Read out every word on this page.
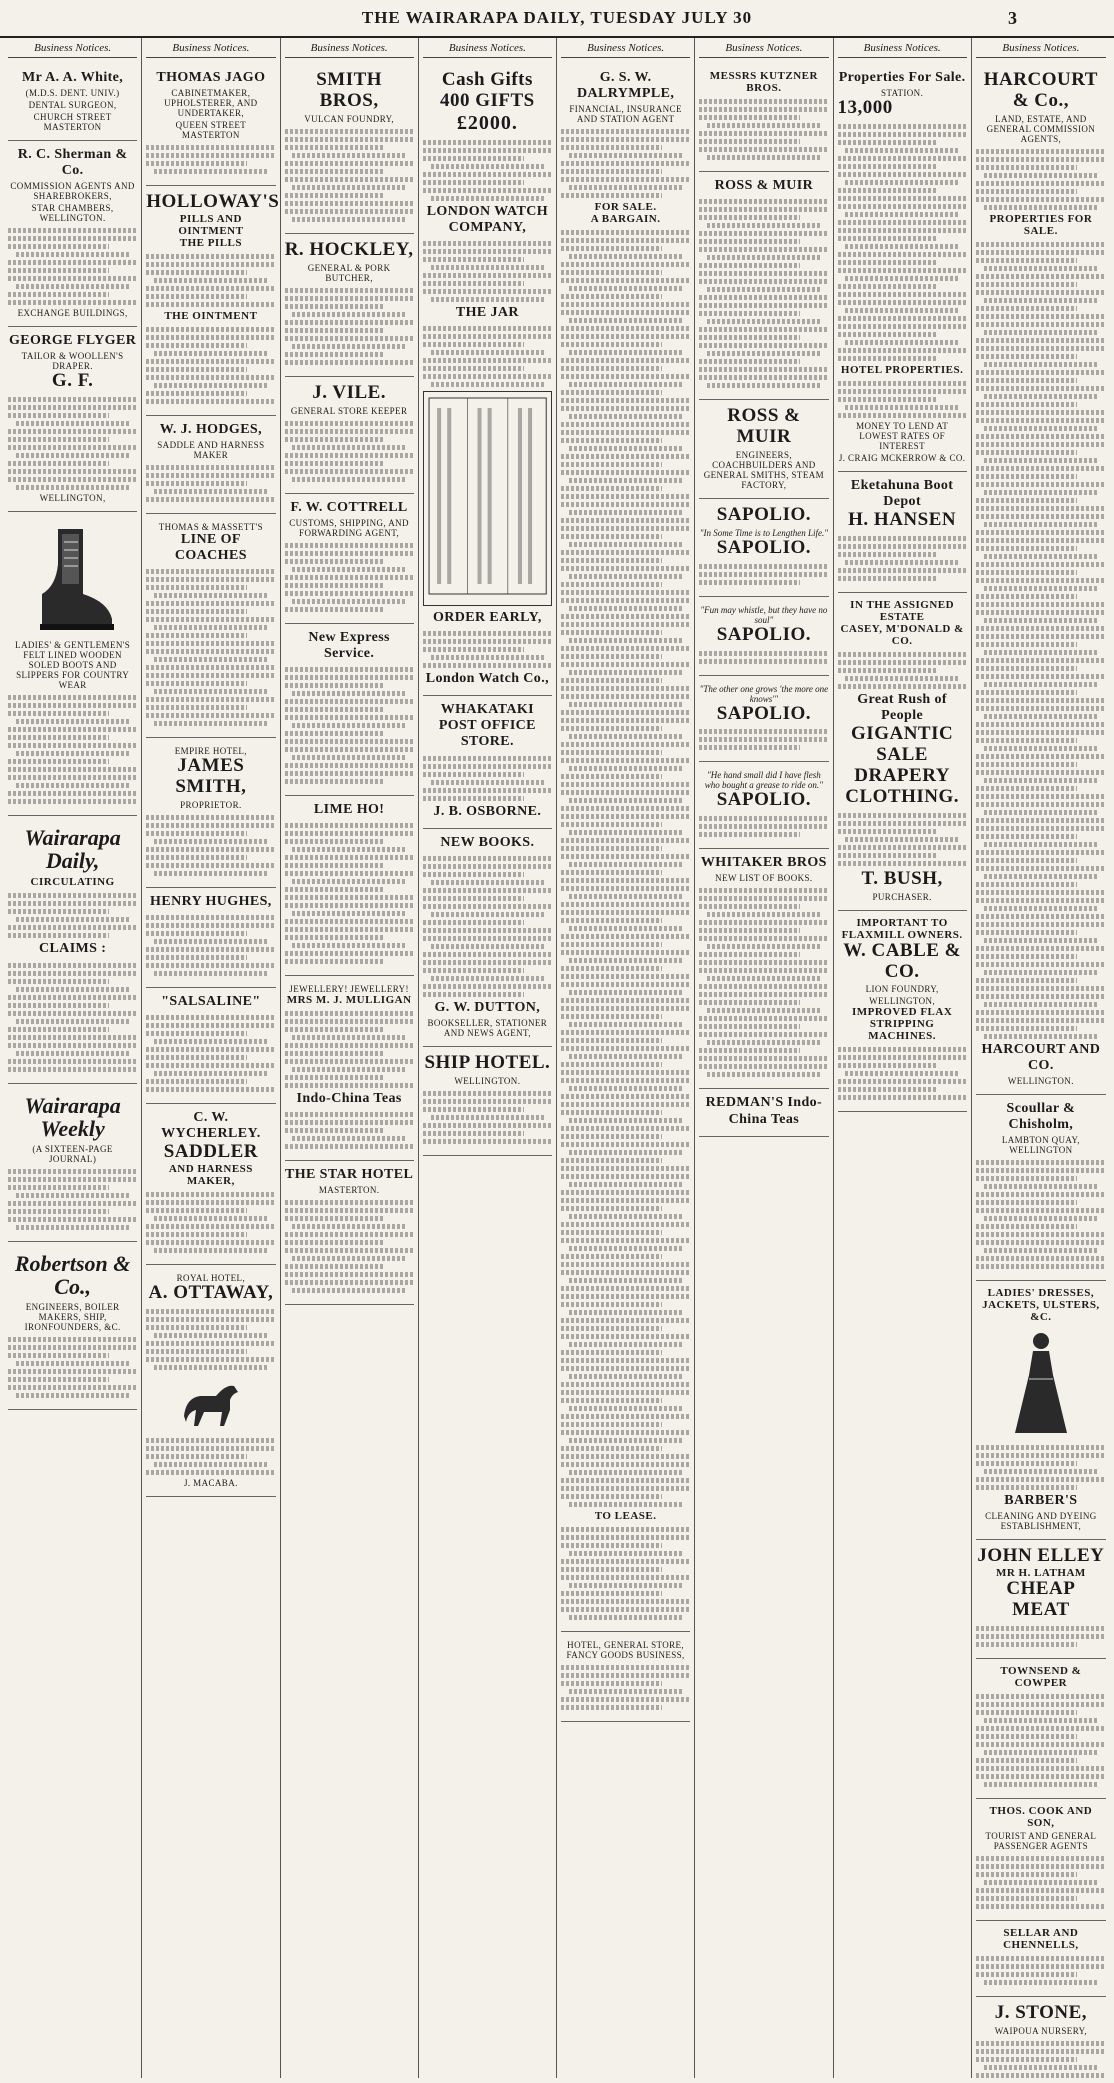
THE WAIRARAPA DAILY, TUESDAY JULY 30	3
Business Notices.
Mr A. A. White,
(M.D.S. DENT. UNIV.)
DENTAL SURGEON,
CHURCH STREET MASTERTON
R. C. Sherman & Co.
COMMISSION AGENTS AND SHAREBROKERS,
STAR CHAMBERS, WELLINGTON.
EXCHANGE BUILDINGS,
GEORGE FLYGER
TAILOR & WOOLLEN'S DRAPER.
G. F.
WELLINGTON,
LADIES' & GENTLEMEN'S FELT LINED WOODEN SOLED BOOTS AND SLIPPERS FOR COUNTRY WEAR
Wairarapa Daily,
CIRCULATING
CLAIMS :
Wairarapa Weekly
(A SIXTEEN-PAGE JOURNAL)
Robertson & Co.,
ENGINEERS, BOILER MAKERS, SHIP, IRONFOUNDERS, &C.
Business Notices.
THOMAS JAGO
CABINETMAKER, UPHOLSTERER, AND UNDERTAKER,
QUEEN STREET MASTERTON
HOLLOWAY'S
PILLS AND OINTMENT
THE PILLS
THE OINTMENT
W. J. HODGES,
SADDLE AND HARNESS MAKER
THOMAS & MASSETT'S
LINE OF COACHES
EMPIRE HOTEL,
JAMES SMITH,
PROPRIETOR.
HENRY HUGHES,
"SALSALINE"
C. W. WYCHERLEY.
SADDLER
AND HARNESS MAKER,
ROYAL HOTEL,
A. OTTAWAY,
J. MACABA.
Business Notices.
SMITH BROS,
VULCAN FOUNDRY,
R. HOCKLEY,
GENERAL & PORK BUTCHER,
J. VILE.
GENERAL STORE KEEPER
F. W. COTTRELL
CUSTOMS, SHIPPING, AND FORWARDING AGENT,
New Express Service.
LIME HO!
JEWELLERY! JEWELLERY!
MRS M. J. MULLIGAN
Indo-China Teas
THE STAR HOTEL
MASTERTON.
Business Notices.
Cash Gifts
400 GIFTS
£2000.
LONDON WATCH COMPANY,
THE JAR
ORDER EARLY,
London Watch Co.,
WHAKATAKI POST OFFICE STORE.
J. B. OSBORNE.
NEW BOOKS.
G. W. DUTTON,
BOOKSELLER, STATIONER AND NEWS AGENT,
SHIP HOTEL.
WELLINGTON.
Business Notices.
G. S. W. DALRYMPLE,
FINANCIAL, INSURANCE AND STATION AGENT
FOR SALE.
A BARGAIN.
TO LEASE.
HOTEL, GENERAL STORE, FANCY GOODS BUSINESS,
Business Notices.
MESSRS KUTZNER BROS.
ROSS & MUIR
ROSS & MUIR
ENGINEERS, COACHBUILDERS AND GENERAL SMITHS, STEAM FACTORY,
SAPOLIO.
"In Some Time is to Lengthen Life."
SAPOLIO.
"Fun may whistle, but they have no soul"
SAPOLIO.
"The other one grows 'the more one knows'"
SAPOLIO.
"He hand small did I have flesh who bought a grease to ride on."
SAPOLIO.
WHITAKER BROS
NEW LIST OF BOOKS.
REDMAN'S Indo-China Teas
Business Notices.
Properties For Sale.
STATION.
13,000
HOTEL PROPERTIES.
MONEY TO LEND AT LOWEST RATES OF INTEREST
J. CRAIG MCKERROW & CO.
Eketahuna Boot Depot
H. HANSEN
IN THE ASSIGNED ESTATE
CASEY, M'DONALD & CO.
Great Rush of People
GIGANTIC SALE
DRAPERY
CLOTHING.
T. BUSH,
PURCHASER.
IMPORTANT TO FLAXMILL OWNERS.
W. CABLE & CO.
LION FOUNDRY,
WELLINGTON,
IMPROVED FLAX STRIPPING MACHINES.
Business Notices.
HARCOURT & Co.,
LAND, ESTATE, AND GENERAL COMMISSION AGENTS,
PROPERTIES FOR SALE.
HARCOURT AND CO.
WELLINGTON.
Scoullar & Chisholm,
LAMBTON QUAY, WELLINGTON
LADIES' DRESSES,
JACKETS, ULSTERS, &C.
BARBER'S
CLEANING AND DYEING ESTABLISHMENT,
JOHN ELLEY
MR H. LATHAM
CHEAP MEAT
TOWNSEND & COWPER
THOS. COOK AND SON,
TOURIST AND GENERAL PASSENGER AGENTS
SELLAR AND CHENNELLS,
J. STONE,
WAIPOUA NURSERY,
